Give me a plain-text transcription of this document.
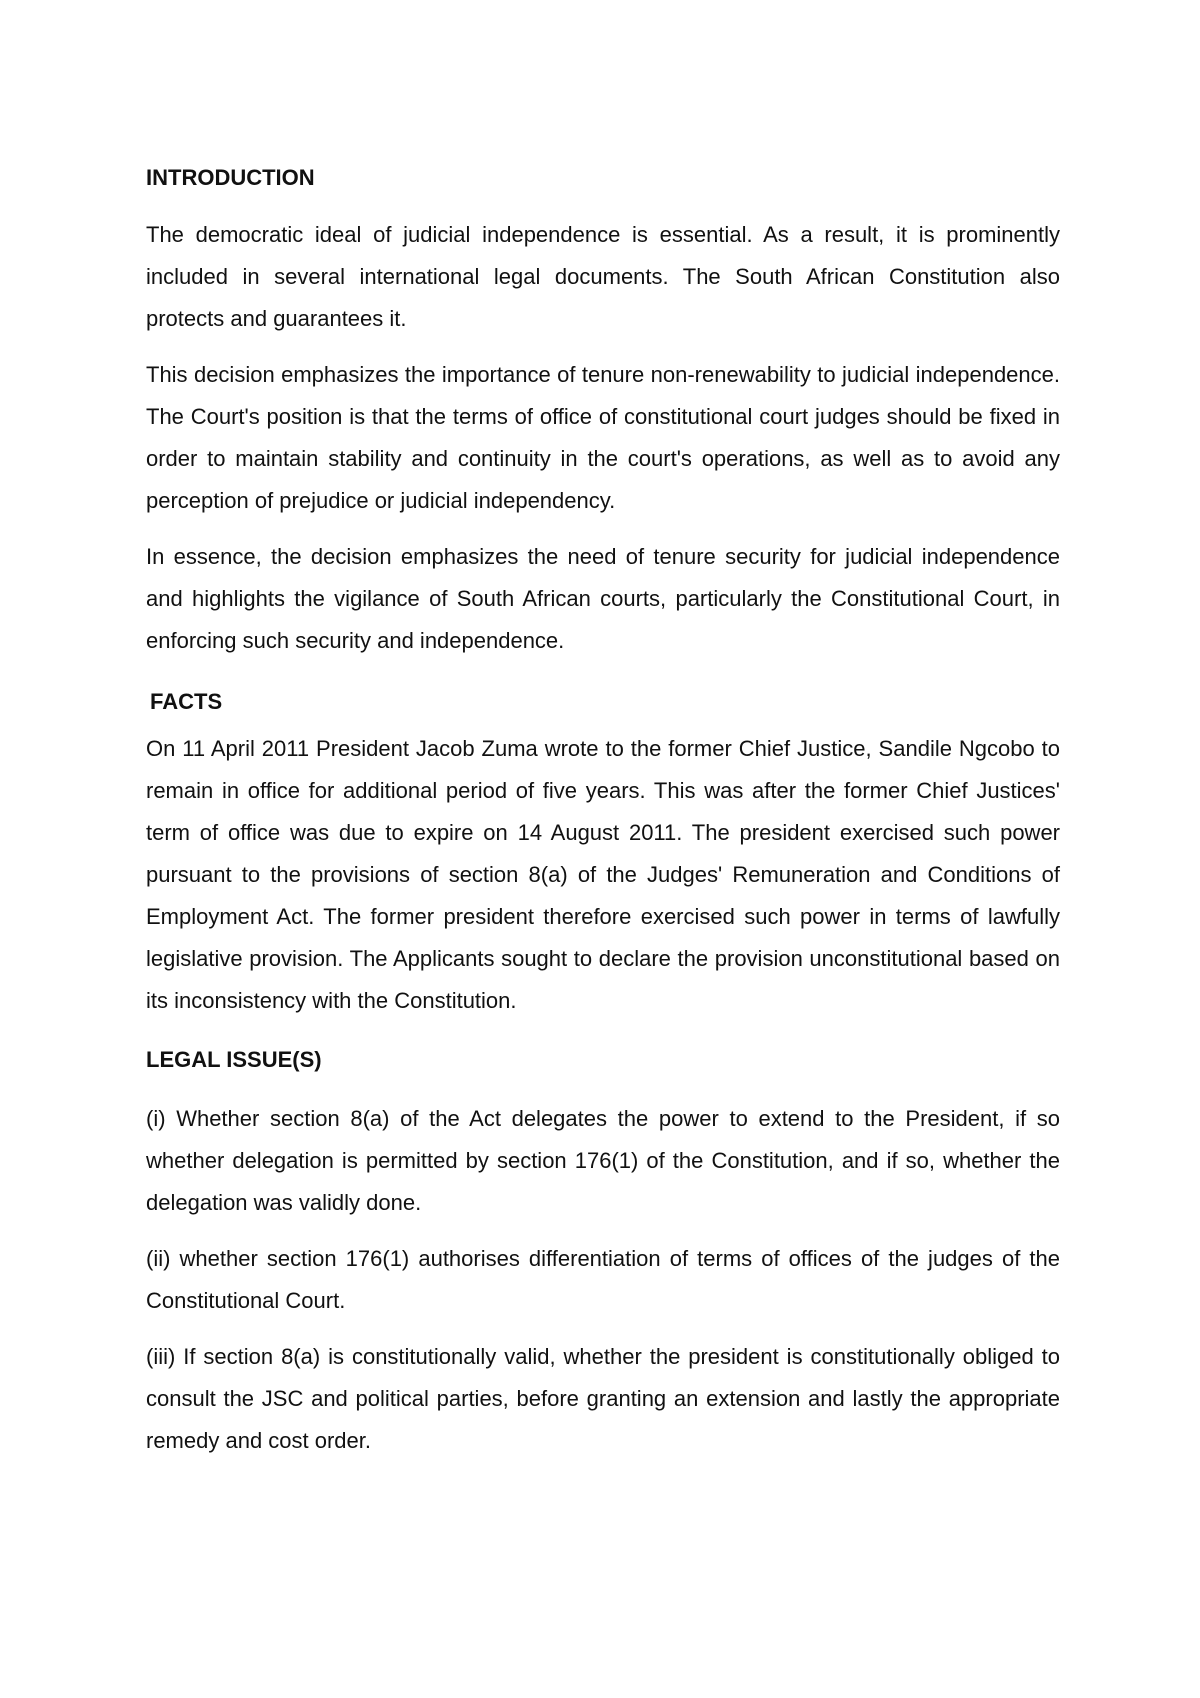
INTRODUCTION

The democratic ideal of judicial independence is essential. As a result, it is prominently included in several international legal documents. The South African Constitution also protects and guarantees it.

This decision emphasizes the importance of tenure non-renewability to judicial independence. The Court's position is that the terms of office of constitutional court judges should be fixed in order to maintain stability and continuity in the court's operations, as well as to avoid any perception of prejudice or judicial independency.

In essence, the decision emphasizes the need of tenure security for judicial independence and highlights the vigilance of South African courts, particularly the Constitutional Court, in enforcing such security and independence.

FACTS

On 11 April 2011 President Jacob Zuma wrote to the former Chief Justice, Sandile Ngcobo to remain in office for additional period of five years. This was after the former Chief Justices' term of office was due to expire on 14 August 2011. The president exercised such power pursuant to the provisions of section 8(a) of the Judges' Remuneration and Conditions of Employment Act. The former president therefore exercised such power in terms of lawfully legislative provision. The Applicants sought to declare the provision unconstitutional based on its inconsistency with the Constitution.

LEGAL ISSUE(S)

(i) Whether section 8(a) of the Act delegates the power to extend to the President, if so whether delegation is permitted by section 176(1) of the Constitution, and if so, whether the delegation was validly done.

(ii) whether section 176(1) authorises differentiation of terms of offices of the judges of the Constitutional Court.

(iii) If section 8(a) is constitutionally valid, whether the president is constitutionally obliged to consult the JSC and political parties, before granting an extension and lastly the appropriate remedy and cost order.
